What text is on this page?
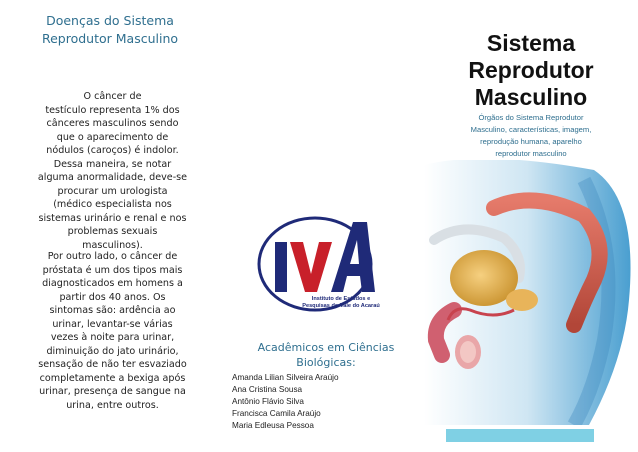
Doenças do Sistema
Reprodutor Masculino
O câncer de
testículo representa 1% dos
cânceres masculinos sendo
que o aparecimento de
nódulos (caroços) é indolor.
Dessa maneira, se notar
alguma anormalidade, deve-se
procurar um urologista
(médico especialista nos
sistemas urinário e renal e nos
problemas sexuais
masculinos).
Por outro lado, o câncer de
próstata é um dos tipos mais
diagnosticados em homens a
partir dos 40 anos. Os
sintomas são: ardência ao
urinar, levantar-se várias
vezes à noite para urinar,
diminuição do jato urinário,
sensação de não ter esvaziado
completamente a bexiga após
urinar, presença de sangue na
urina, entre outros.
Instituto de Estudos e
Pesquisas do Vale do Acaraú
Acadêmicos em Ciências
Biológicas:
Amanda Lilian Silveira Araújo
Ana Cristina Sousa
Antônio Flávio Silva
Francisca Camila Araújo
Maria Edleusa Pessoa
Sistema
Reprodutor
Masculino
Órgãos do Sistema Reprodutor
Masculino, características, imagem,
reprodução humana, aparelho
reprodutor masculino
